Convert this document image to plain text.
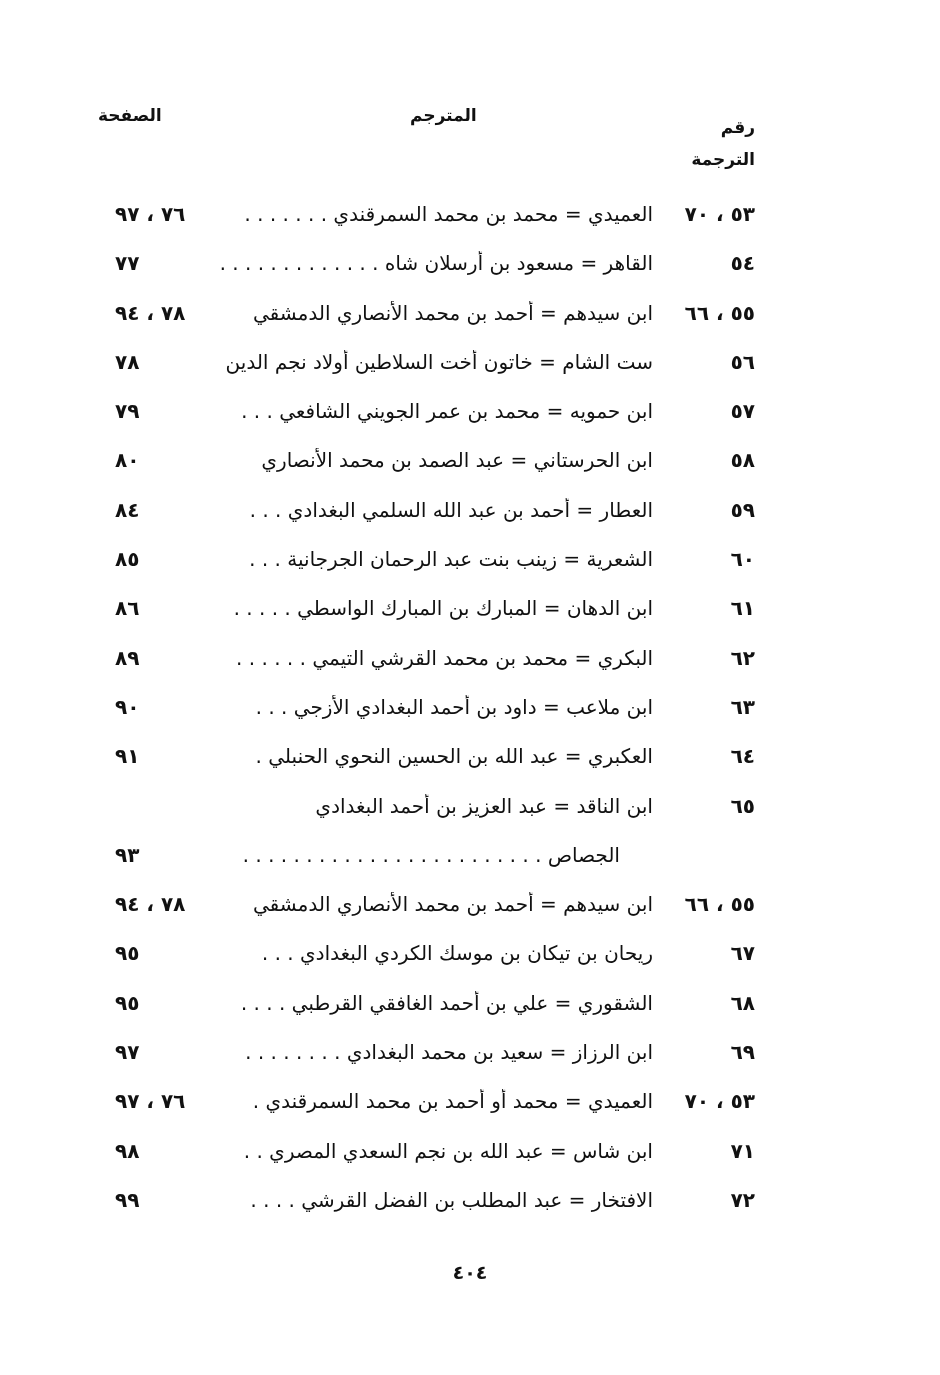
رقم
الترجمة
المترجم
الصفحة
٥٣ ، ٧٠
العميدي = محمد بن محمد السمرقندي . . . . . . .
٧٦ ، ٩٧
٥٤
القاهر = مسعود بن أرسلان شاه . . . . . . . . . . . . .
٧٧
٥٥ ، ٦٦
ابن سيدهم = أحمد بن محمد الأنصاري الدمشقي
٧٨ ، ٩٤
٥٦
ست الشام = خاتون أخت السلاطين أولاد نجم الدين
٧٨
٥٧
ابن حمويه = محمد بن عمر الجويني الشافعي . . .
٧٩
٥٨
ابن الحرستاني = عبد الصمد بن محمد الأنصاري
٨٠
٥٩
العطار = أحمد بن عبد الله السلمي البغدادي . . .
٨٤
٦٠
الشعرية = زينب بنت عبد الرحمان الجرجانية . . .
٨٥
٦١
ابن الدهان = المبارك بن المبارك الواسطي . . . . .
٨٦
٦٢
البكري = محمد بن محمد القرشي التيمي . . . . . .
٨٩
٦٣
ابن ملاعب = داود بن أحمد البغدادي الأزجي . . .
٩٠
٦٤
العكبري = عبد الله بن الحسين النحوي الحنبلي .
٩١
٦٥
ابن الناقد = عبد العزيز بن أحمد البغدادي
الجصاص . . . . . . . . . . . . . . . . . . . . . . . .
٩٣
٥٥ ، ٦٦
ابن سيدهم = أحمد بن محمد الأنصاري الدمشقي
٧٨ ، ٩٤
٦٧
ريحان بن تيكان بن موسك الكردي البغدادي . . .
٩٥
٦٨
الشقوري = علي بن أحمد الغافقي القرطبي . . . .
٩٥
٦٩
ابن الرزاز = سعيد بن محمد البغدادي . . . . . . . .
٩٧
٥٣ ، ٧٠
العميدي = محمد أو أحمد بن محمد السمرقندي .
٧٦ ، ٩٧
٧١
ابن شاس = عبد الله بن نجم السعدي المصري . .
٩٨
٧٢
الافتخار = عبد المطلب بن الفضل القرشي . . . .
٩٩
٤٠٤
